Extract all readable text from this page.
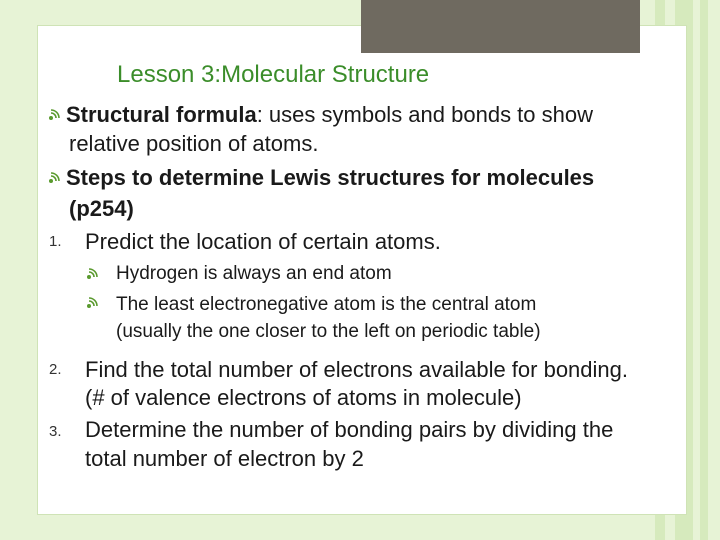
Lesson 3:Molecular Structure
Structural formula: uses symbols and bonds to show
relative position of atoms.
Steps to determine Lewis structures for molecules
(p254)
1. Predict the location of certain atoms.
Hydrogen is always an end atom
The least electronegative atom is the central atom
(usually the one closer to the left on periodic table)
2. Find the total number of electrons available for bonding.
(# of valence electrons of atoms in molecule)
3. Determine the number of bonding pairs by dividing the
total number of electron by 2
